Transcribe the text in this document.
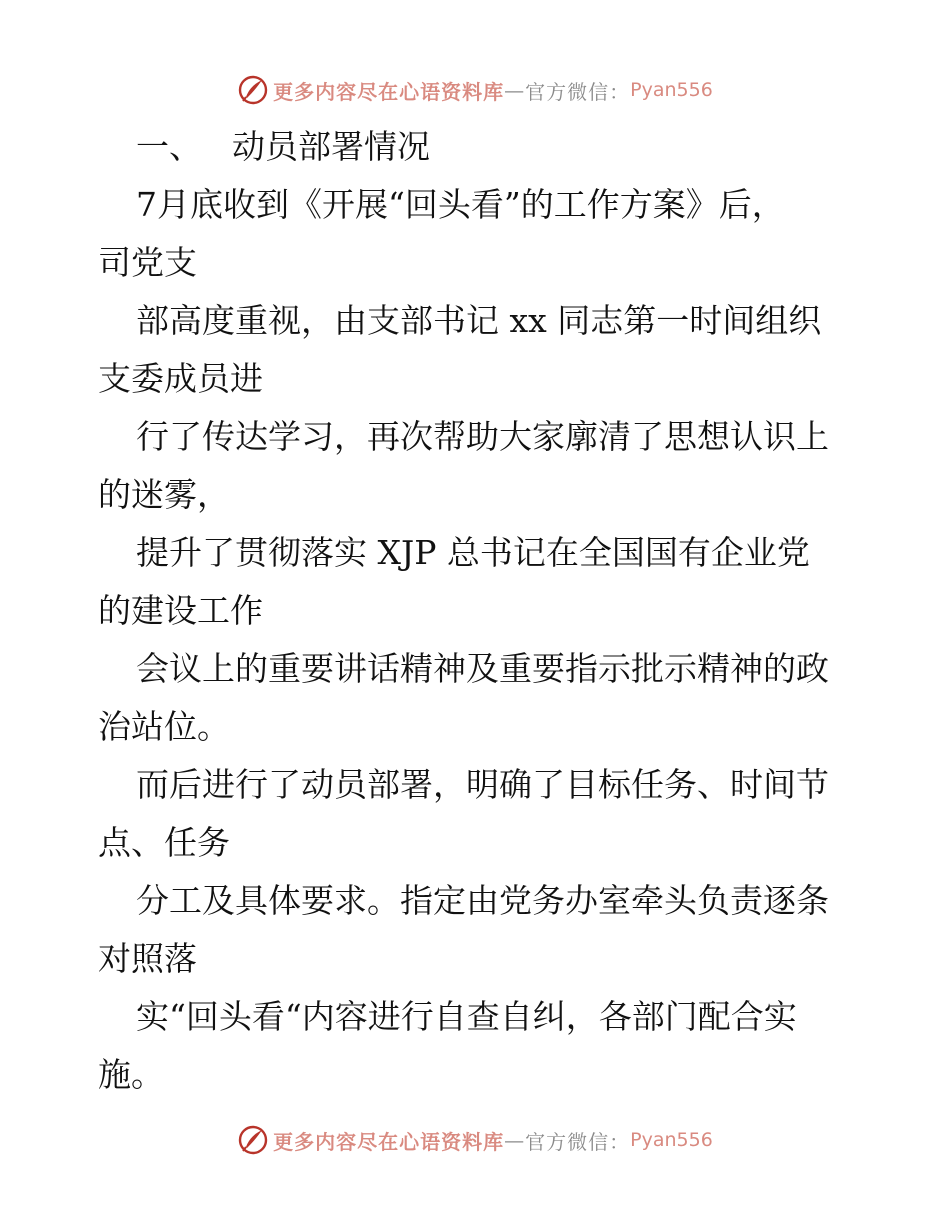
更多内容尽在心语资料库 — 官方微信： Pyan556
一、 动员部署情况
7月底收到《开展“回头看”的工作方案》后，
司党支
部高度重视，由支部书记 xx 同志第一时间组织
支委成员进
行了传达学习，再次帮助大家廓清了思想认识上
的迷雾，
提升了贯彻落实 XJP 总书记在全国国有企业党
的建设工作
会议上的重要讲话精神及重要指示批示精神的政
治站位。
而后进行了动员部署，明确了目标任务、时间节
点、任务
分工及具体要求。指定由党务办室牵头负责逐条
对照落
实“回头看“内容进行自查自纠，各部门配合实
施。
更多内容尽在心语资料库 — 官方微信： Pyan556
